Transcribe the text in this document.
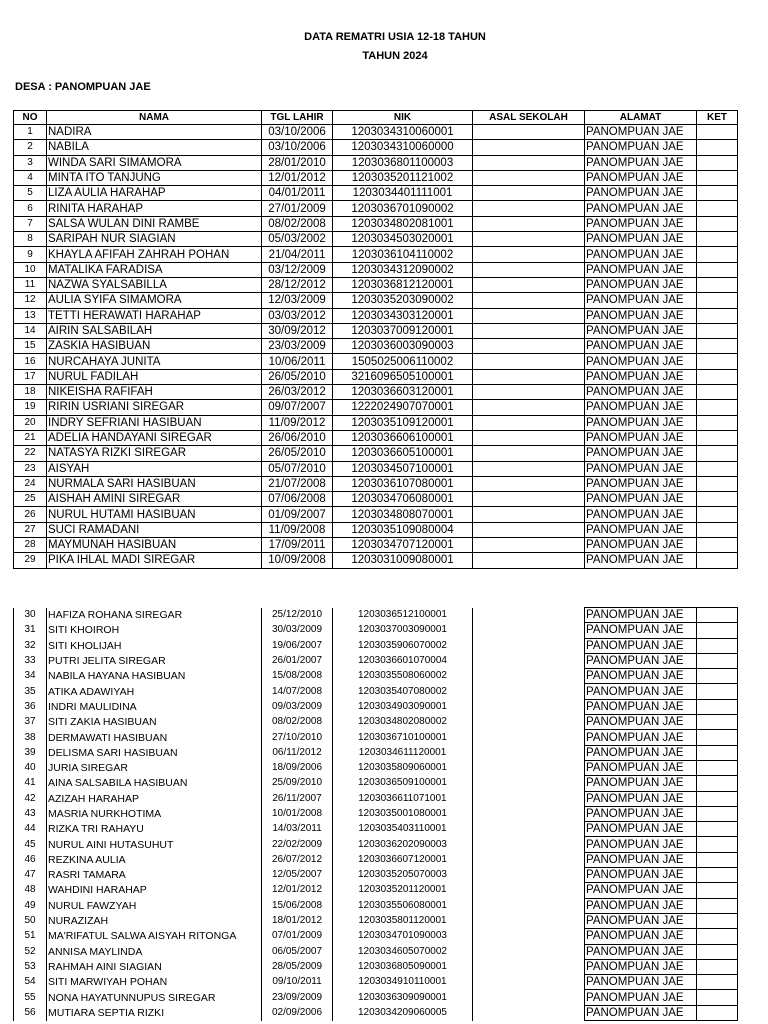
DATA REMATRI USIA 12-18 TAHUN
TAHUN 2024
DESA : PANOMPUAN JAE
NO	NAMA	TGL LAHIR	NIK	ASAL SEKOLAH	ALAMAT	KET
1	NADIRA	03/10/2006	1203034310060001		PANOMPUAN JAE	
2	NABILA	03/10/2006	1203034310060000		PANOMPUAN JAE	
3	WINDA SARI SIMAMORA	28/01/2010	1203036801100003		PANOMPUAN JAE	
4	MINTA ITO TANJUNG	12/01/2012	1203035201121002		PANOMPUAN JAE	
5	LIZA AULIA HARAHAP	04/01/2011	1203034401111001		PANOMPUAN JAE	
6	RINITA HARAHAP	27/01/2009	1203036701090002		PANOMPUAN JAE	
7	SALSA WULAN DINI RAMBE	08/02/2008	1203034802081001		PANOMPUAN JAE	
8	SARIPAH NUR SIAGIAN	05/03/2002	1203034503020001		PANOMPUAN JAE	
9	KHAYLA AFIFAH ZAHRAH POHAN	21/04/2011	1203036104110002		PANOMPUAN JAE	
10	MATALIKA FARADISA	03/12/2009	1203034312090002		PANOMPUAN JAE	
11	NAZWA SYALSABILLA	28/12/2012	1203036812120001		PANOMPUAN JAE	
12	AULIA SYIFA SIMAMORA	12/03/2009	1203035203090002		PANOMPUAN JAE	
13	TETTI HERAWATI HARAHAP	03/03/2012	1203034303120001		PANOMPUAN JAE	
14	AIRIN SALSABILAH	30/09/2012	1203037009120001		PANOMPUAN JAE	
15	ZASKIA HASIBUAN	23/03/2009	1203036003090003		PANOMPUAN JAE	
16	NURCAHAYA JUNITA	10/06/2011	1505025006110002		PANOMPUAN JAE	
17	NURUL FADILAH	26/05/2010	3216096505100001		PANOMPUAN JAE	
18	NIKEISHA RAFIFAH	26/03/2012	1203036603120001		PANOMPUAN JAE	
19	RIRIN USRIANI SIREGAR	09/07/2007	1222024907070001		PANOMPUAN JAE	
20	INDRY SEFRIANI HASIBUAN	11/09/2012	1203035109120001		PANOMPUAN JAE	
21	ADELIA HANDAYANI SIREGAR	26/06/2010	1203036606100001		PANOMPUAN JAE	
22	NATASYA RIZKI SIREGAR	26/05/2010	1203036605100001		PANOMPUAN JAE	
23	AISYAH	05/07/2010	1203034507100001		PANOMPUAN JAE	
24	NURMALA SARI HASIBUAN	21/07/2008	1203036107080001		PANOMPUAN JAE	
25	AISHAH AMINI SIREGAR	07/06/2008	1203034706080001		PANOMPUAN JAE	
26	NURUL HUTAMI HASIBUAN	01/09/2007	1203034808070001		PANOMPUAN JAE	
27	SUCI RAMADANI	11/09/2008	1203035109080004		PANOMPUAN JAE	
28	MAYMUNAH HASIBUAN	17/09/2011	1203034707120001		PANOMPUAN JAE	
29	PIKA IHLAL MADI SIREGAR	10/09/2008	1203031009080001		PANOMPUAN JAE	
30	HAFIZA ROHANA SIREGAR	25/12/2010	1203036512100001		PANOMPUAN JAE	
31	SITI KHOIROH	30/03/2009	1203037003090001		PANOMPUAN JAE	
32	SITI KHOLIJAH	19/06/2007	1203035906070002		PANOMPUAN JAE	
33	PUTRI JELITA SIREGAR	26/01/2007	1203036601070004		PANOMPUAN JAE	
34	NABILA HAYANA HASIBUAN	15/08/2008	1203035508060002		PANOMPUAN JAE	
35	ATIKA ADAWIYAH	14/07/2008	1203035407080002		PANOMPUAN JAE	
36	INDRI MAULIDINA	09/03/2009	1203034903090001		PANOMPUAN JAE	
37	SITI ZAKIA HASIBUAN	08/02/2008	1203034802080002		PANOMPUAN JAE	
38	DERMAWATI HASIBUAN	27/10/2010	1203036710100001		PANOMPUAN JAE	
39	DELISMA SARI HASIBUAN	06/11/2012	1203034611120001		PANOMPUAN JAE	
40	JURIA SIREGAR	18/09/2006	1203035809060001		PANOMPUAN JAE	
41	AINA SALSABILA HASIBUAN	25/09/2010	1203036509100001		PANOMPUAN JAE	
42	AZIZAH HARAHAP	26/11/2007	1203036611071001		PANOMPUAN JAE	
43	MASRIA NURKHOTIMA	10/01/2008	1203035001080001		PANOMPUAN JAE	
44	RIZKA TRI RAHAYU	14/03/2011	1203035403110001		PANOMPUAN JAE	
45	NURUL AINI HUTASUHUT	22/02/2009	1203036202090003		PANOMPUAN JAE	
46	REZKINA AULIA	26/07/2012	1203036607120001		PANOMPUAN JAE	
47	RASRI TAMARA	12/05/2007	1203035205070003		PANOMPUAN JAE	
48	WAHDINI HARAHAP	12/01/2012	1203035201120001		PANOMPUAN JAE	
49	NURUL FAWZYAH	15/06/2008	1203035506080001		PANOMPUAN JAE	
50	NURAZIZAH	18/01/2012	1203035801120001		PANOMPUAN JAE	
51	MA'RIFATUL SALWA AISYAH RITONGA	07/01/2009	1203034701090003		PANOMPUAN JAE	
52	ANNISA MAYLINDA	06/05/2007	1203034605070002		PANOMPUAN JAE	
53	RAHMAH AINI SIAGIAN	28/05/2009	1203036805090001		PANOMPUAN JAE	
54	SITI MARWIYAH POHAN	09/10/2011	1203034910110001		PANOMPUAN JAE	
55	NONA HAYATUNNUPUS SIREGAR	23/09/2009	1203036309090001		PANOMPUAN JAE	
56	MUTIARA SEPTIA RIZKI	02/09/2006	1203034209060005		PANOMPUAN JAE	
